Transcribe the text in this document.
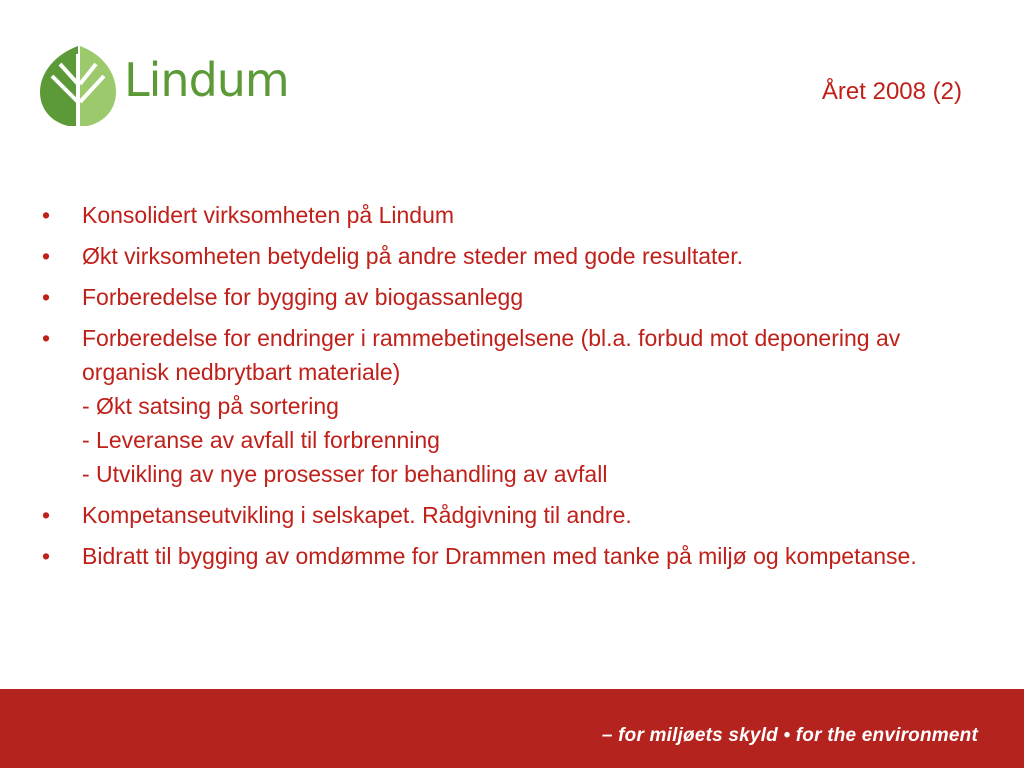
Lindum	Året 2008 (2)
• Konsolidert virksomheten på Lindum
• Økt virksomheten betydelig på andre steder med gode resultater.
• Forberedelse for bygging av biogassanlegg
• Forberedelse for endringer i rammebetingelsene (bl.a. forbud mot deponering av organisk nedbrytbart materiale)
- Økt satsing på sortering
- Leveranse av avfall til forbrenning
- Utvikling av nye prosesser for behandling av avfall
• Kompetanseutvikling i selskapet. Rådgivning til andre.
• Bidratt til bygging av omdømme for Drammen med tanke på miljø og kompetanse.
– for miljøets skyld • for the environment
